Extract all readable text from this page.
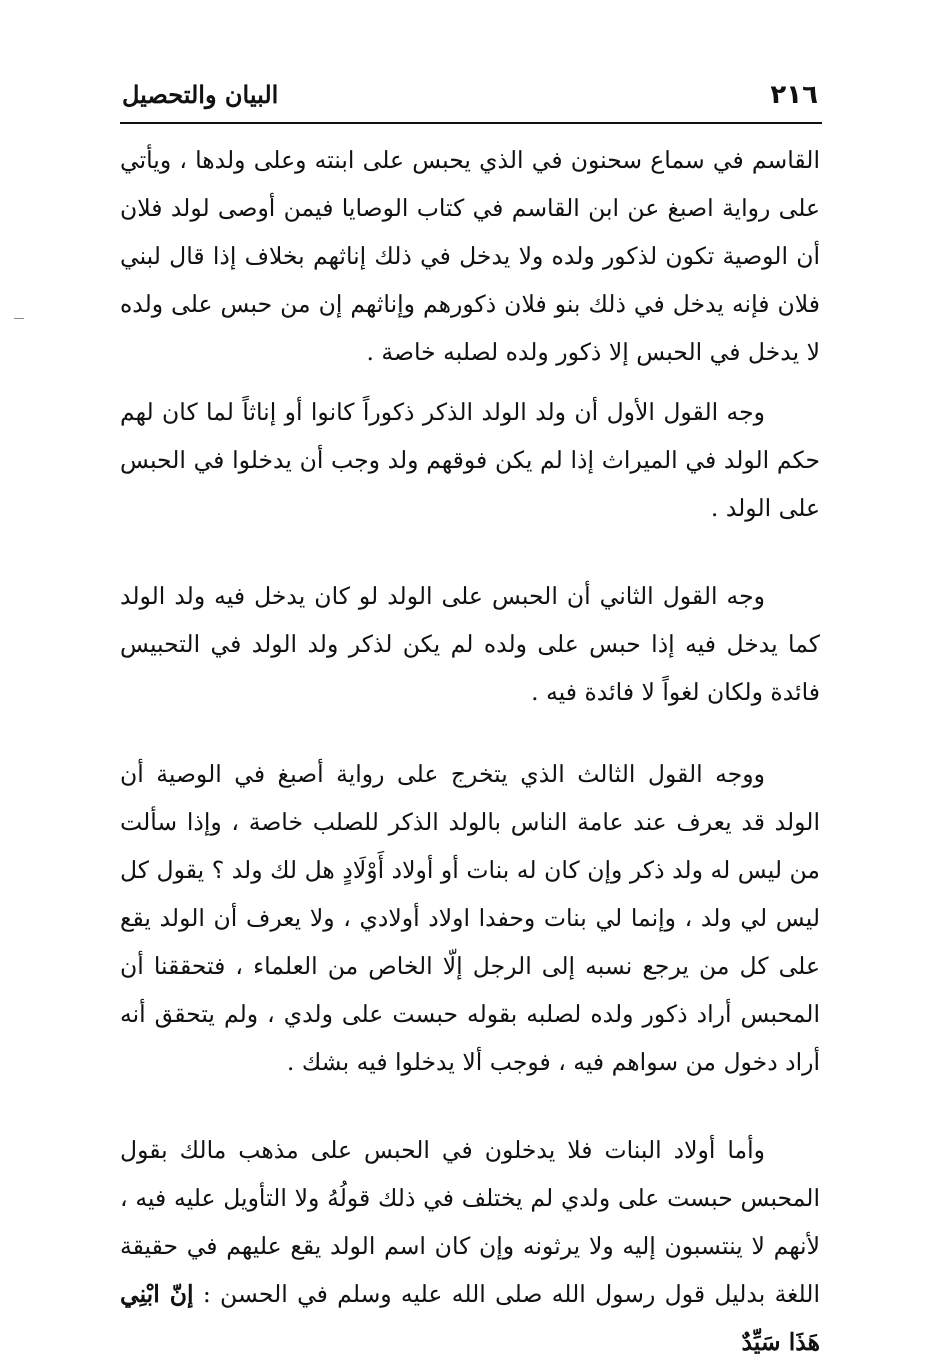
٢١٦
البيان والتحصيل

القاسم في سماع سحنون في الذي يحبس على ابنته وعلى ولدها ، ويأتي على رواية اصبغ عن ابن القاسم في كتاب الوصايا فيمن أوصى لولد فلان أن الوصية تكون لذكور ولده ولا يدخل في ذلك إناثهم بخلاف إذا قال لبني فلان فإنه يدخل في ذلك بنو فلان ذكورهم وإناثهم إن من حبس على ولده لا يدخل في الحبس إلا ذكور ولده لصلبه خاصة .

وجه القول الأول أن ولد الولد الذكر ذكوراً كانوا أو إناثاً لما كان لهم حكم الولد في الميراث إذا لم يكن فوقهم ولد وجب أن يدخلوا في الحبس على الولد .

وجه القول الثاني أن الحبس على الولد لو كان يدخل فيه ولد الولد كما يدخل فيه إذا حبس على ولده لم يكن لذكر ولد الولد في التحبيس فائدة ولكان لغواً لا فائدة فيه .

ووجه القول الثالث الذي يتخرج على رواية أصبغ في الوصية أن الولد قد يعرف عند عامة الناس بالولد الذكر للصلب خاصة ، وإذا سألت من ليس له ولد ذكر وإن كان له بنات أو أولاد أَوْلَادٍ هل لك ولد ؟ يقول كل ليس لي ولد ، وإنما لي بنات وحفدا اولاد أولادي ، ولا يعرف أن الولد يقع على كل من يرجع نسبه إلى الرجل إلّا الخاص من العلماء ، فتحققنا أن المحبس أراد ذكور ولده لصلبه بقوله حبست على ولدي ، ولم يتحقق أنه أراد دخول من سواهم فيه ، فوجب ألا يدخلوا فيه بشك .

وأما أولاد البنات فلا يدخلون في الحبس على مذهب مالك بقول المحبس حبست على ولدي لم يختلف في ذلك قولُهُ ولا التأويل عليه فيه ، لأنهم لا ينتسبون إليه ولا يرثونه وإن كان اسم الولد يقع عليهم في حقيقة اللغة بدليل قول رسول الله صلى الله عليه وسلم في الحسن : إنّ ابْنِي هَذَا سَيِّدٌ
